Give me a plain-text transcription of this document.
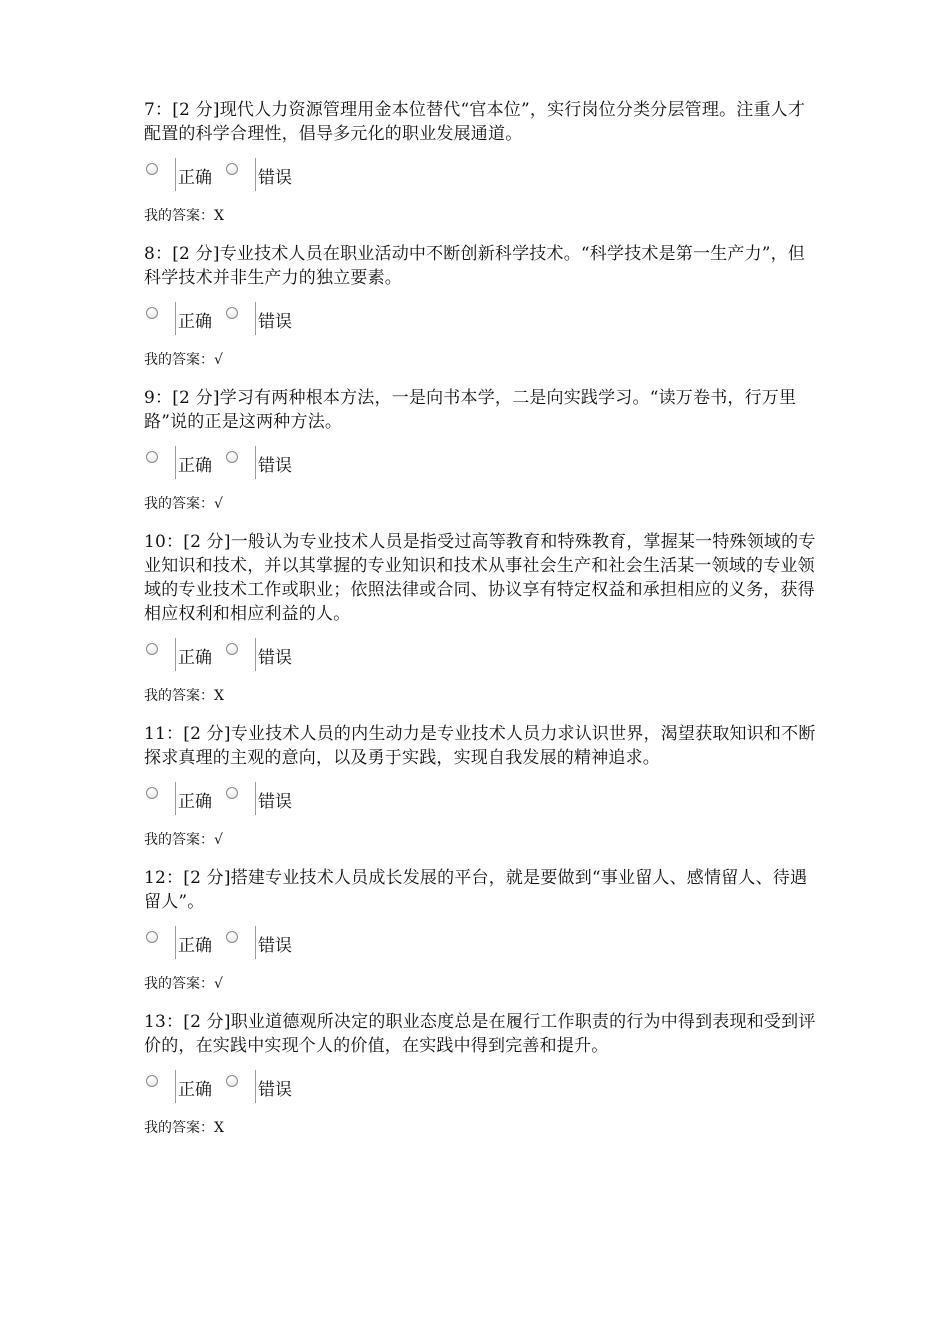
7：[2 分]现代人力资源管理用金本位替代“官本位”，实行岗位分类分层管理。注重人才配置的科学合理性，倡导多元化的职业发展通道。

正确	错误
我的答案：X

8：[2 分]专业技术人员在职业活动中不断创新科学技术。“科学技术是第一生产力”，但科学技术并非生产力的独立要素。

正确	错误
我的答案：√

9：[2 分]学习有两种根本方法，一是向书本学，二是向实践学习。“读万卷书，行万里路”说的正是这两种方法。

正确	错误
我的答案：√

10：[2 分]一般认为专业技术人员是指受过高等教育和特殊教育，掌握某一特殊领域的专业知识和技术，并以其掌握的专业知识和技术从事社会生产和社会生活某一领域的专业领域的专业技术工作或职业；依照法律或合同、协议享有特定权益和承担相应的义务，获得相应权利和相应利益的人。

正确	错误
我的答案：X

11：[2 分]专业技术人员的内生动力是专业技术人员力求认识世界，渴望获取知识和不断探求真理的主观的意向，以及勇于实践，实现自我发展的精神追求。

正确	错误
我的答案：√

12：[2 分]搭建专业技术人员成长发展的平台，就是要做到“事业留人、感情留人、待遇留人”。

正确	错误
我的答案：√

13：[2 分]职业道德观所决定的职业态度总是在履行工作职责的行为中得到表现和受到评价的，在实践中实现个人的价值，在实践中得到完善和提升。

正确	错误
我的答案：X
